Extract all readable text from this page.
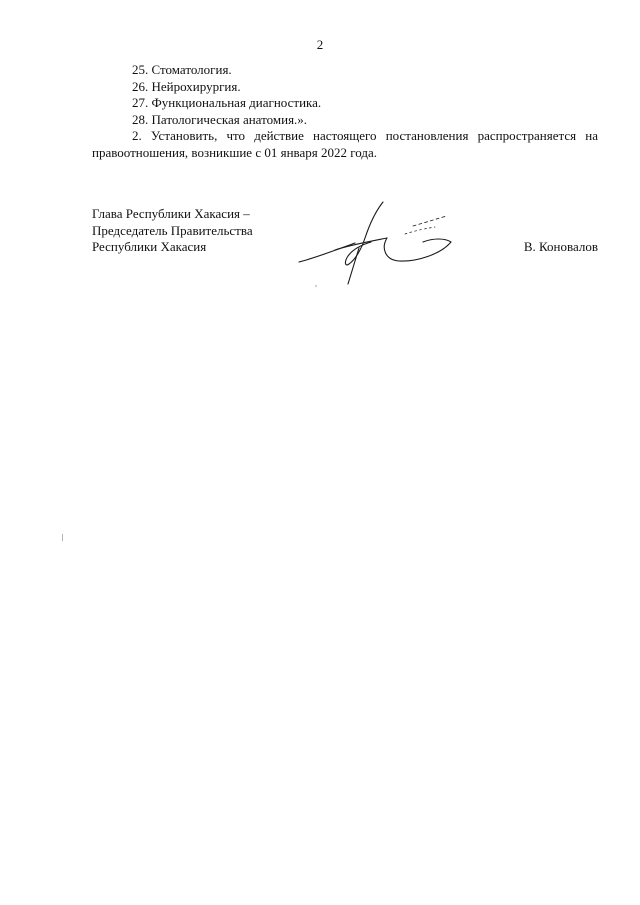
2
25. Стоматология.
26. Нейрохирургия.
27. Функциональная диагностика.
28. Патологическая анатомия.».

2. Установить, что действие настоящего постановления распространяется на правоотношения, возникшие с 01 января 2022 года.

Глава Республики Хакасия –
Председатель Правительства
Республики Хакасия	В. Коновалов
